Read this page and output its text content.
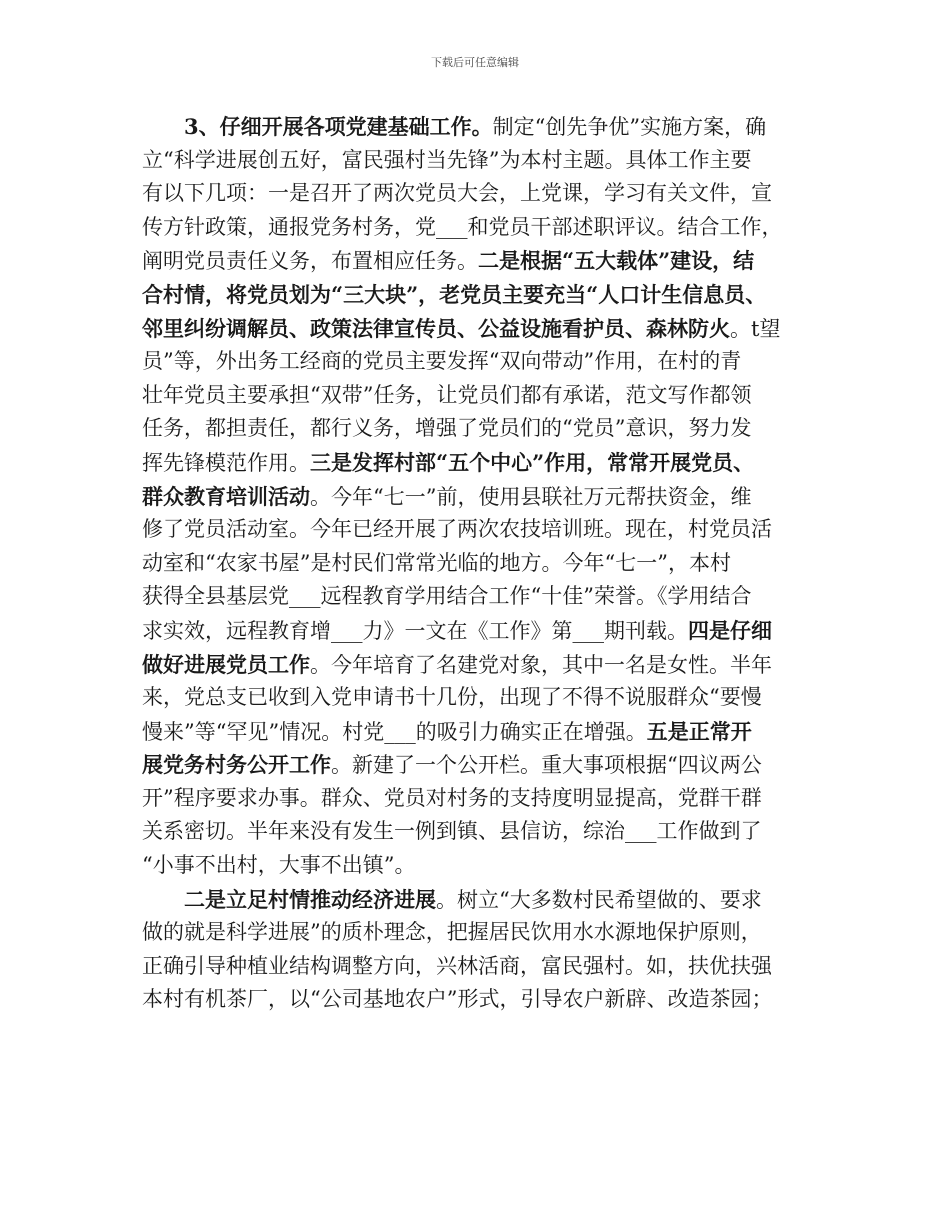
下载后可任意编辑
3、仔细开展各项党建基础工作。制定“创先争优”实施方案，确
立“科学进展创五好，富民强村当先锋”为本村主题。具体工作主要
有以下几项：一是召开了两次党员大会，上党课，学习有关文件，宣
传方针政策，通报党务村务，党___和党员干部述职评议。结合工作，
阐明党员责任义务，布置相应任务。二是根据“五大载体”建设，结
合村情，将党员划为“三大块”，老党员主要充当“人口计生信息员、
邻里纠纷调解员、政策法律宣传员、公益设施看护员、森林防火。t望
员”等，外出务工经商的党员主要发挥“双向带动”作用，在村的青
壮年党员主要承担“双带”任务，让党员们都有承诺，范文写作都领
任务，都担责任，都行义务，增强了党员们的“党员”意识，努力发
挥先锋模范作用。三是发挥村部“五个中心”作用，常常开展党员、
群众教育培训活动。今年“七一”前，使用县联社万元帮扶资金，维
修了党员活动室。今年已经开展了两次农技培训班。现在，村党员活
动室和“农家书屋”是村民们常常光临的地方。今年“七一”，本村
获得全县基层党___远程教育学用结合工作“十佳”荣誉。《学用结合
求实效，远程教育增___力》一文在《工作》第___期刊载。四是仔细
做好进展党员工作。今年培育了名建党对象，其中一名是女性。半年
来，党总支已收到入党申请书十几份，出现了不得不说服群众“要慢
慢来”等“罕见”情况。村党___的吸引力确实正在增强。五是正常开
展党务村务公开工作。新建了一个公开栏。重大事项根据“四议两公
开”程序要求办事。群众、党员对村务的支持度明显提高，党群干群
关系密切。半年来没有发生一例到镇、县信访，综治___工作做到了
“小事不出村，大事不出镇”。
二是立足村情推动经济进展。树立“大多数村民希望做的、要求
做的就是科学进展”的质朴理念，把握居民饮用水水源地保护原则，
正确引导种植业结构调整方向，兴林活商，富民强村。如，扶优扶强
本村有机茶厂，以“公司基地农户”形式，引导农户新辟、改造茶园；
